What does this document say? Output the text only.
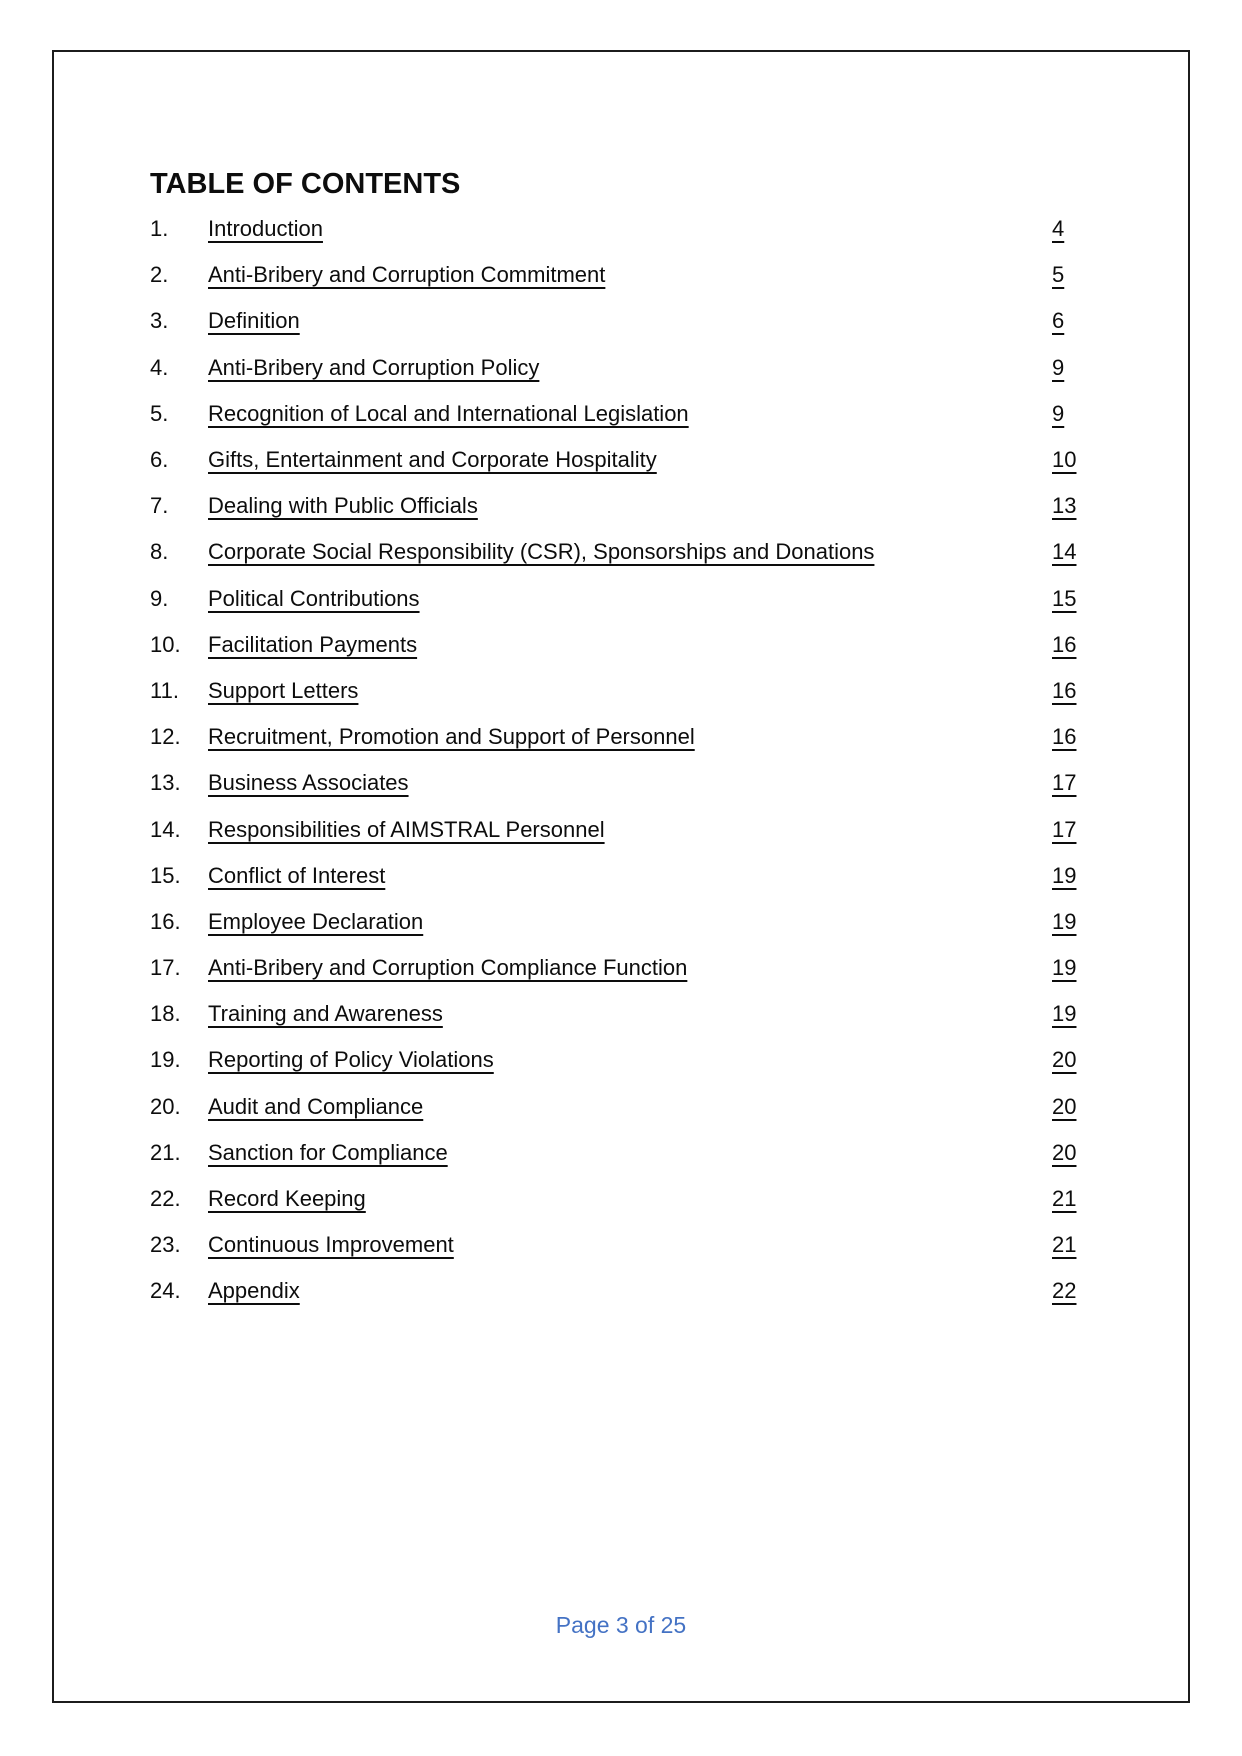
TABLE OF CONTENTS
1.	Introduction	4
2.	Anti-Bribery and Corruption Commitment	5
3.	Definition	6
4.	Anti-Bribery and Corruption Policy	9
5.	Recognition of Local and International Legislation	9
6.	Gifts, Entertainment and Corporate Hospitality	10
7.	Dealing with Public Officials	13
8.	Corporate Social Responsibility (CSR), Sponsorships and Donations	14
9.	Political Contributions	15
10.	Facilitation Payments	16
11.	Support Letters	16
12.	Recruitment, Promotion and Support of Personnel	16
13.	Business Associates	17
14.	Responsibilities of AIMSTRAL Personnel	17
15.	Conflict of Interest	19
16.	Employee Declaration	19
17.	Anti-Bribery and Corruption Compliance Function	19
18.	Training and Awareness	19
19.	Reporting of Policy Violations	20
20.	Audit and Compliance	20
21.	Sanction for Compliance	20
22.	Record Keeping	21
23.	Continuous Improvement	21
24.	Appendix	22
Page 3 of 25
